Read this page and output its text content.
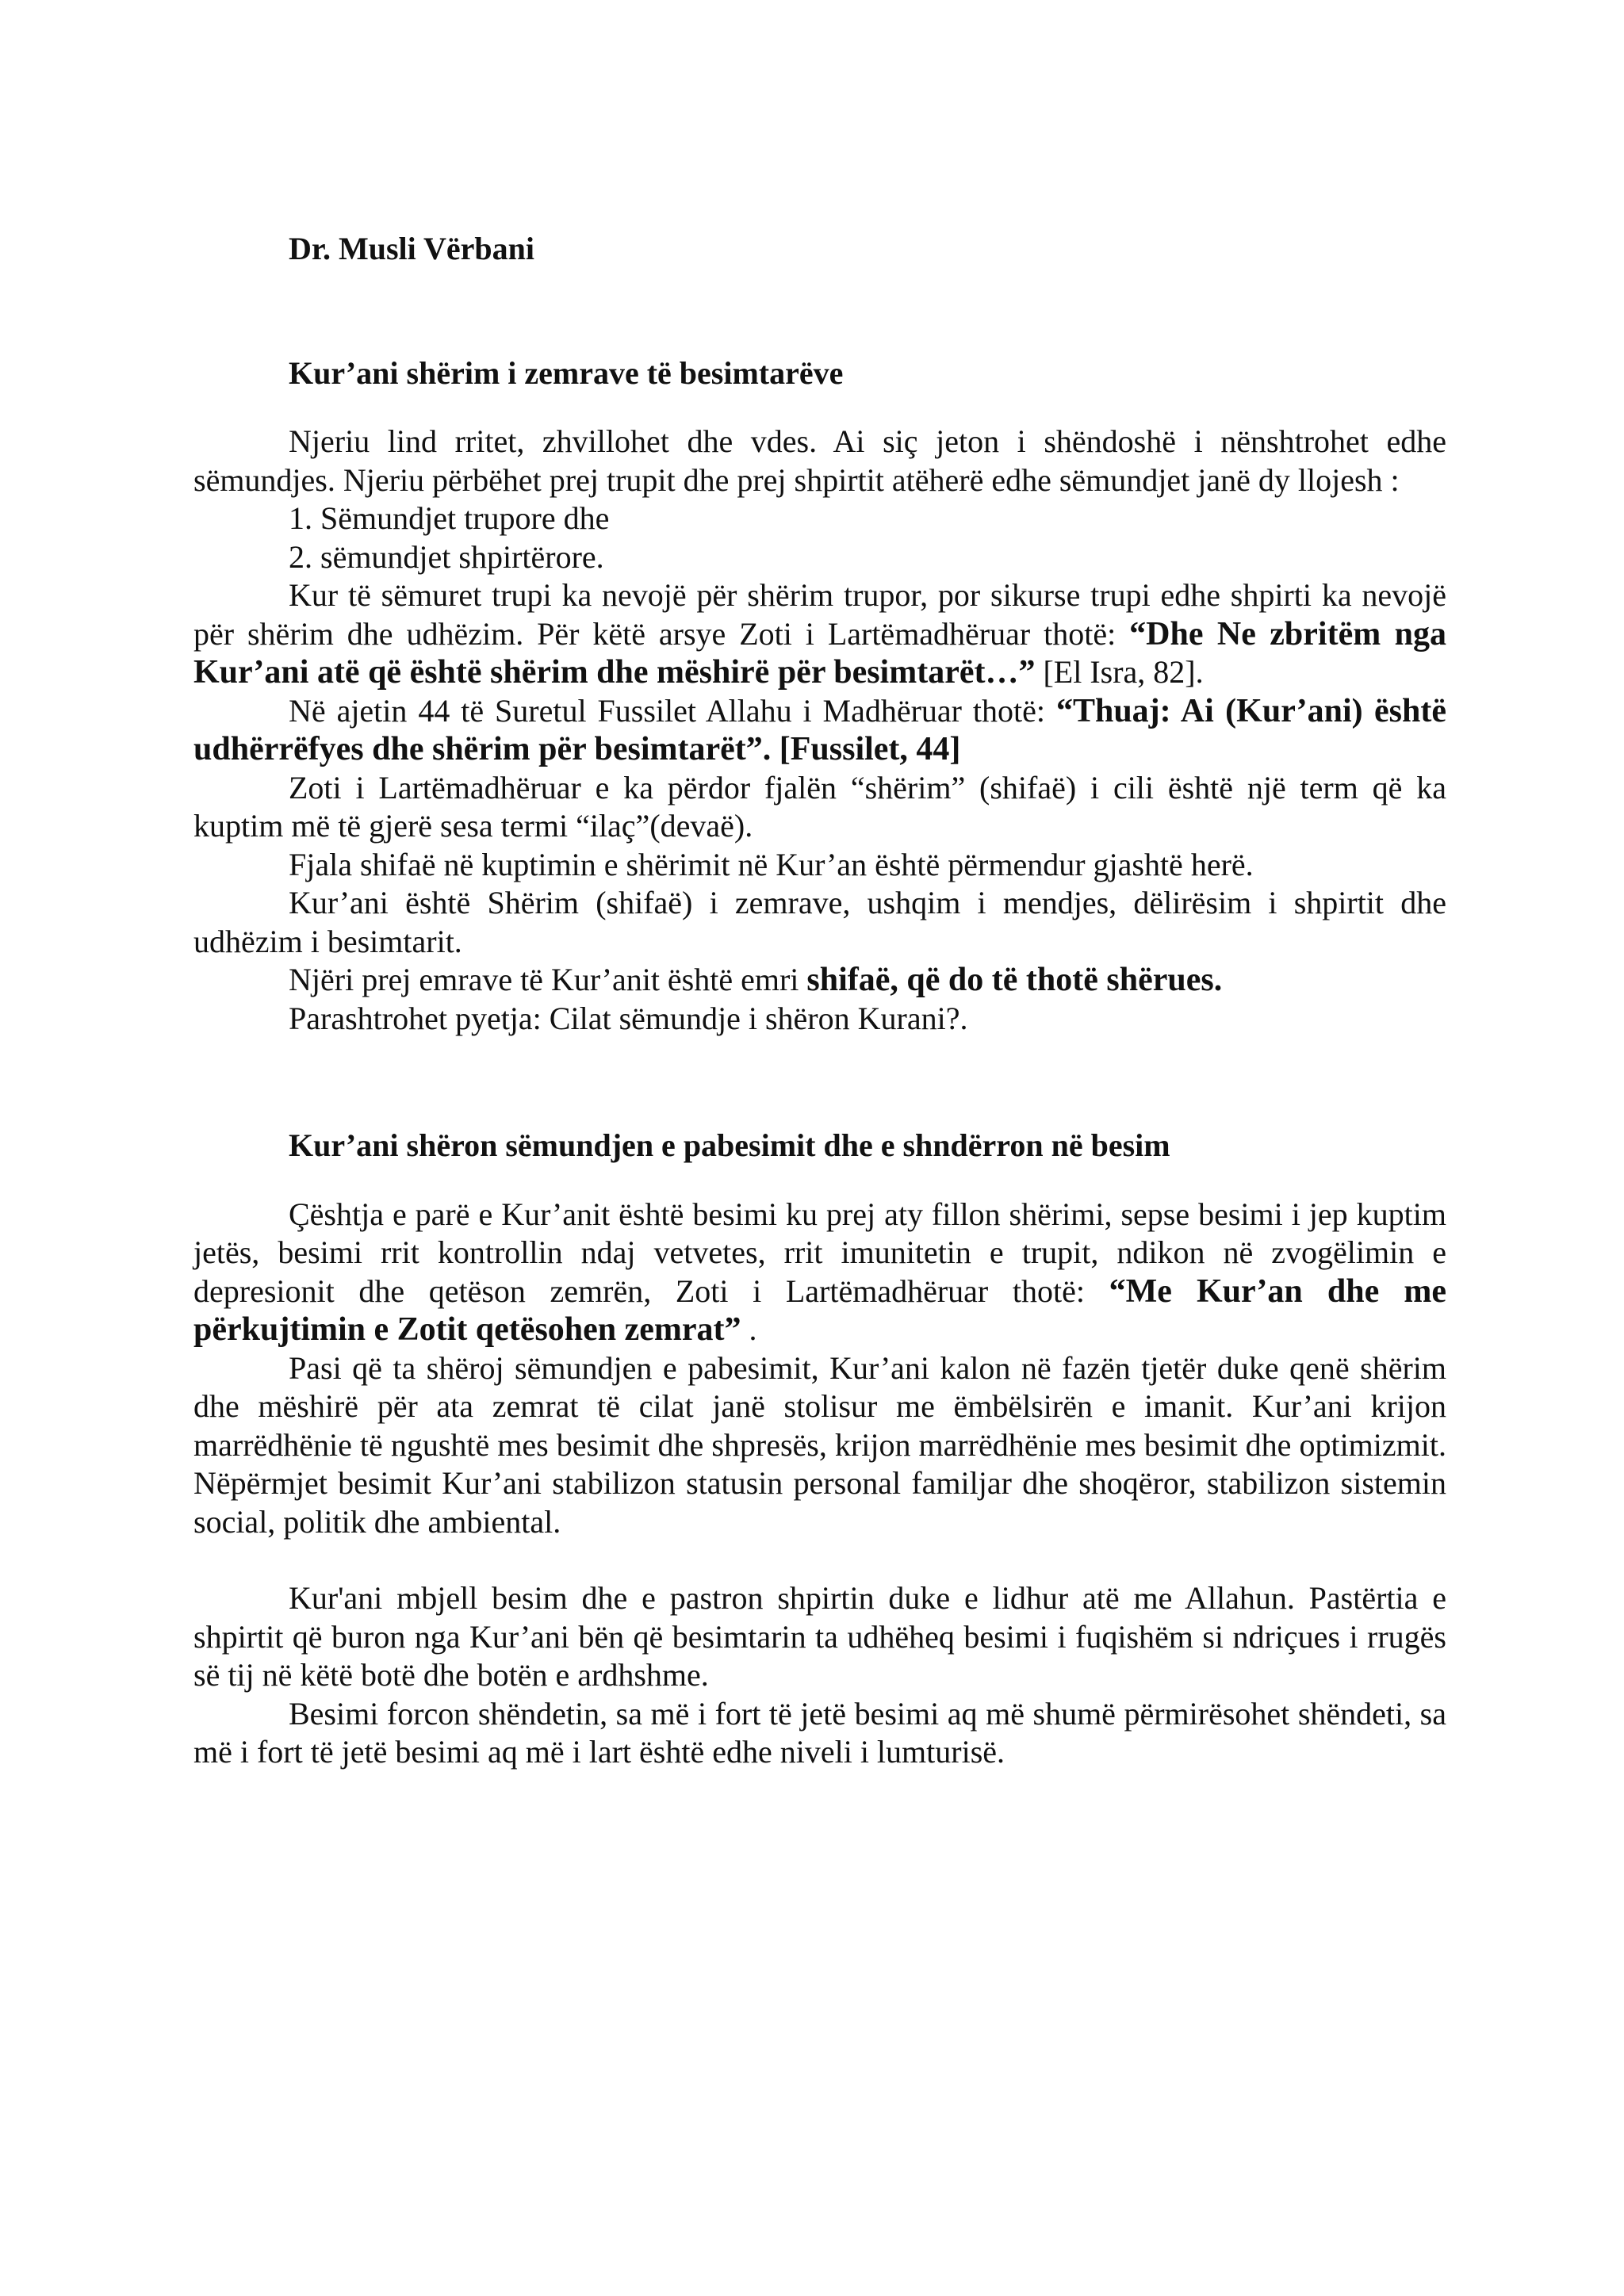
Dr. Musli Vërbani
Kur’ani shërim i zemrave të besimtarëve

Njeriu lind rritet, zhvillohet dhe vdes. Ai siç jeton i shëndoshë i nënshtrohet edhe sëmundjes. Njeriu përbëhet prej trupit dhe prej shpirtit atëherë edhe sëmundjet janë dy llojesh :

1. Sëmundjet trupore dhe

2. sëmundjet shpirtërore.

Kur të sëmuret trupi ka nevojë për shërim trupor, por sikurse trupi edhe shpirti ka nevojë për shërim dhe udhëzim. Për këtë arsye Zoti i Lartëmadhëruar thotë: “Dhe Ne zbritëm nga Kur’ani atë që është shërim dhe mëshirë për besimtarët…” [El Isra, 82].

Në ajetin 44 të Suretul Fussilet Allahu i Madhëruar thotë: “Thuaj: Ai (Kur’ani) është udhërrëfyes dhe shërim për besimtarët”. [Fussilet, 44]

Zoti i Lartëmadhëruar e ka përdor fjalën “shërim” (shifaë) i cili është një term që ka kuptim më të gjerë sesa termi “ilaç”(devaë).

Fjala shifaë në kuptimin e shërimit në Kur’an është përmendur gjashtë herë.

Kur’ani është Shërim (shifaë) i zemrave, ushqim i mendjes, dëlirësim i shpirtit dhe udhëzim i besimtarit.

Njëri prej emrave të Kur’anit është emri shifaë, që do të thotë shërues.

Parashtrohet pyetja: Cilat sëmundje i shëron Kurani?.

Kur’ani shëron sëmundjen e pabesimit dhe e shndërron në besim

Çështja e parë e Kur’anit është besimi ku prej aty fillon shërimi, sepse besimi i jep kuptim jetës, besimi rrit kontrollin ndaj vetvetes, rrit imunitetin e trupit, ndikon në zvogëlimin e depresionit dhe qetëson zemrën, Zoti i Lartëmadhëruar thotë: “Me Kur’an dhe me përkujtimin e Zotit qetësohen zemrat” .

Pasi që ta shëroj sëmundjen e pabesimit, Kur’ani kalon në fazën tjetër duke qenë shërim dhe mëshirë për ata zemrat të cilat janë stolisur me ëmbëlsirën e imanit. Kur’ani krijon marrëdhënie të ngushtë mes besimit dhe shpresës, krijon marrëdhënie mes besimit dhe optimizmit. Nëpërmjet besimit Kur’ani stabilizon statusin personal familjar dhe shoqëror, stabilizon sistemin social, politik dhe ambiental.

Kur'ani mbjell besim dhe e pastron shpirtin duke e lidhur atë me Allahun. Pastërtia e shpirtit që buron nga Kur’ani bën që besimtarin ta udhëheq besimi i fuqishëm si ndriçues i rrugës së tij në këtë botë dhe botën e ardhshme.

Besimi forcon shëndetin, sa më i fort të jetë besimi aq më shumë përmirësohet shëndeti, sa më i fort të jetë besimi aq më i lart është edhe niveli i lumturisë.
